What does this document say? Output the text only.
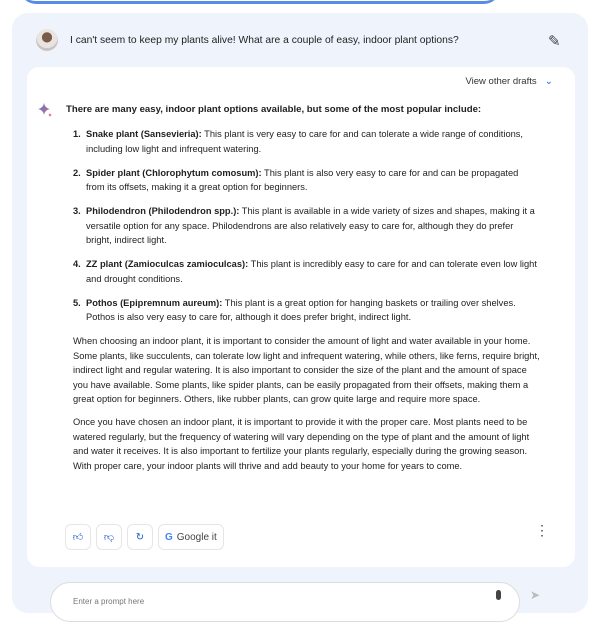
I can't seem to keep my plants alive! What are a couple of easy, indoor plant options?	✎
View other drafts ⌄
There are many easy, indoor plant options available, but some of the most popular include:
1. Snake plant (Sansevieria): This plant is very easy to care for and can tolerate a wide range of conditions, including low light and infrequent watering.
2. Spider plant (Chlorophytum comosum): This plant is also very easy to care for and can be propagated from its offsets, making it a great option for beginners.
3. Philodendron (Philodendron spp.): This plant is available in a wide variety of sizes and shapes, making it a versatile option for any space. Philodendrons are also relatively easy to care for, although they do prefer bright, indirect light.
4. ZZ plant (Zamioculcas zamioculcas): This plant is incredibly easy to care for and can tolerate even low light and drought conditions.
5. Pothos (Epipremnum aureum): This plant is a great option for hanging baskets or trailing over shelves. Pothos is also very easy to care for, although it does prefer bright, indirect light.
When choosing an indoor plant, it is important to consider the amount of light and water available in your home. Some plants, like succulents, can tolerate low light and infrequent watering, while others, like ferns, require bright, indirect light and regular watering. It is also important to consider the size of the plant and the amount of space you have available. Some plants, like spider plants, can be easily propagated from their offsets, making them a great option for beginners. Others, like rubber plants, can grow quite large and require more space.
Once you have chosen an indoor plant, it is important to provide it with the proper care. Most plants need to be watered regularly, but the frequency of watering will vary depending on the type of plant and the amount of light and water it receives. It is also important to fertilize your plants regularly, especially during the growing season. With proper care, your indoor plants will thrive and add beauty to your home for years to come.
👍︎ 👎︎ ↻ G Google it	⋮
Enter a prompt here	➤
